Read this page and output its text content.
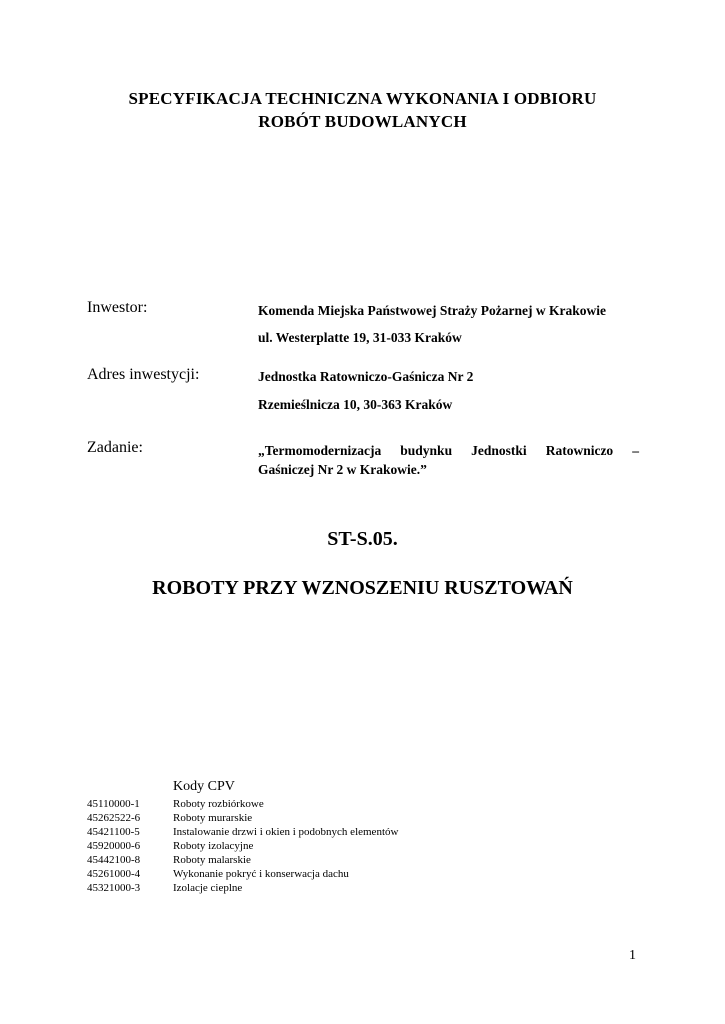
SPECYFIKACJA TECHNICZNA WYKONANIA I ODBIORU
ROBÓT BUDOWLANYCH
Inwestor:	Komenda Miejska Państwowej Straży Pożarnej w Krakowie
ul. Westerplatte 19, 31-033 Kraków
Adres inwestycji:	Jednostka Ratowniczo-Gaśnicza Nr 2
Rzemieślnicza 10, 30-363 Kraków
Zadanie:	„Termomodernizacja budynku Jednostki Ratowniczo –
Gaśniczej Nr 2 w Krakowie.”
ST-S.05.
ROBOTY PRZY WZNOSZENIU RUSZTOWAŃ
Kody CPV
45110000-1	Roboty rozbiórkowe
45262522-6	Roboty murarskie
45421100-5	Instalowanie drzwi i okien i podobnych elementów
45920000-6	Roboty izolacyjne
45442100-8	Roboty malarskie
45261000-4	Wykonanie pokryć i konserwacja dachu
45321000-3	Izolacje cieplne
1
